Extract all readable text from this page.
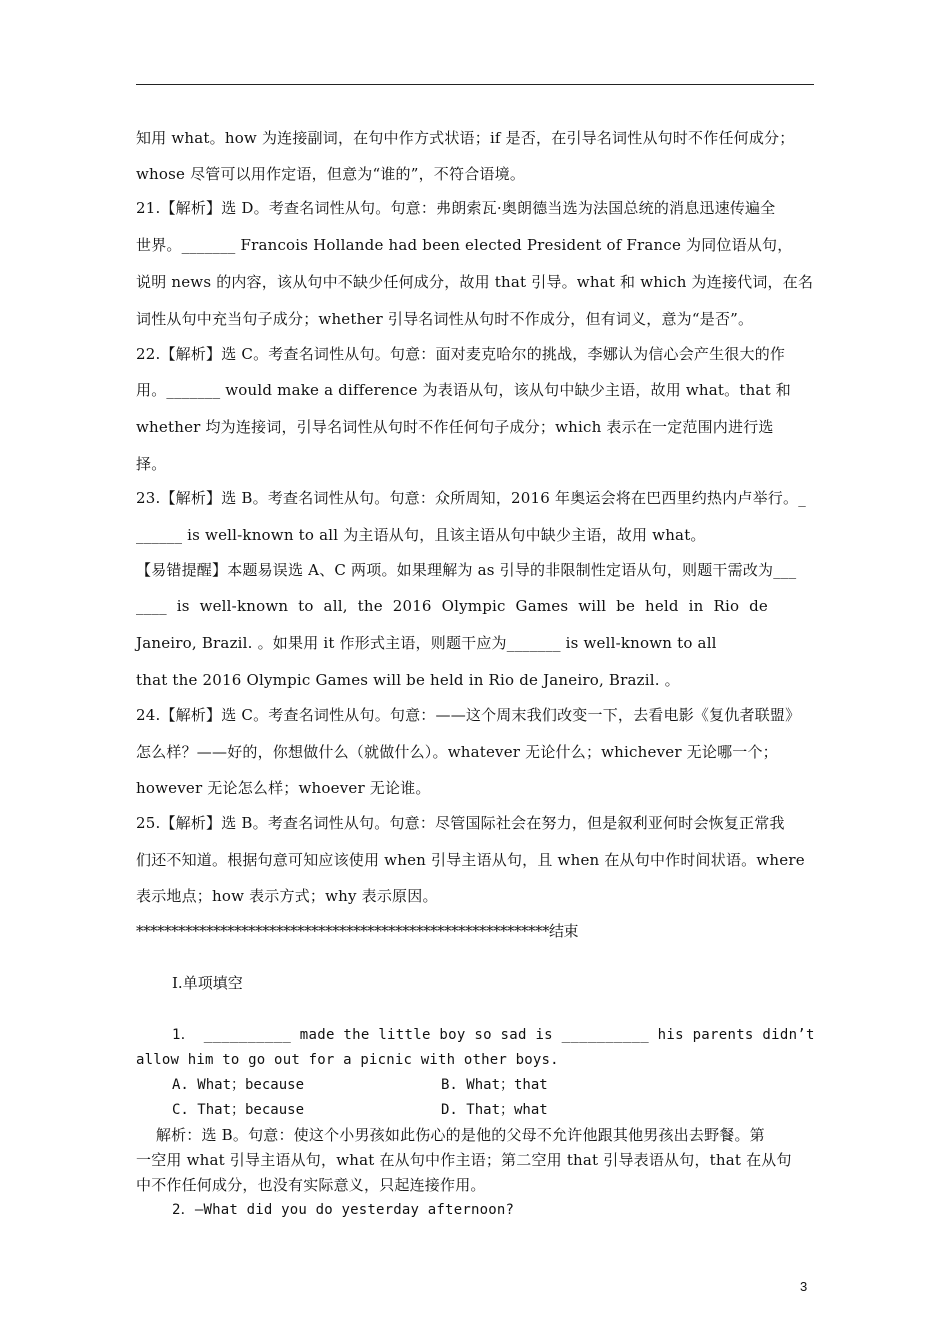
知用 what。how 为连接副词，在句中作方式状语；if 是否，在引导名词性从句时不作任何成分；
whose 尽管可以用作定语，但意为“谁的”，不符合语境。
21.【解析】选 D。考查名词性从句。句意：弗朗索瓦·奥朗德当选为法国总统的消息迅速传遍全
世界。_______ Francois Hollande had been elected President of France 为同位语从句，
说明 news 的内容，该从句中不缺少任何成分，故用 that 引导。what 和 which 为连接代词，在名
词性从句中充当句子成分；whether 引导名词性从句时不作成分，但有词义，意为“是否”。
22.【解析】选 C。考查名词性从句。句意：面对麦克哈尔的挑战，李娜认为信心会产生很大的作
用。_______ would make a difference 为表语从句，该从句中缺少主语，故用 what。that 和
whether 均为连接词，引导名词性从句时不作任何句子成分；which 表示在一定范围内进行选
择。
23.【解析】选 B。考查名词性从句。句意：众所周知，2016 年奥运会将在巴西里约热内卢举行。_
______ is well-known to all 为主语从句，且该主语从句中缺少主语，故用 what。
【易错提醒】本题易误选 A、C 两项。如果理解为 as 引导的非限制性定语从句，则题干需改为___
____  is  well-known  to  all,  the  2016  Olympic  Games  will  be  held  in  Rio  de
Janeiro, Brazil. 。如果用 it 作形式主语，则题干应为_______ is well-known to all
that the 2016 Olympic Games will be held in Rio de Janeiro, Brazil. 。
24.【解析】选 C。考查名词性从句。句意：——这个周末我们改变一下，去看电影《复仇者联盟》
怎么样？——好的，你想做什么（就做什么）。whatever 无论什么；whichever 无论哪一个；
however 无论怎么样；whoever 无论谁。
25.【解析】选 B。考查名词性从句。句意：尽管国际社会在努力，但是叙利亚何时会恢复正常我
们还不知道。根据句意可知应该使用 when 引导主语从句，且 when 在从句中作时间状语。where
表示地点；how 表示方式；why 表示原因。
***********************************************************结束
Ⅰ.单项填空
1． __________ made the little boy so sad is __________ his parents didn’t
allow him to go out for a picnic with other boys.
A. What；because	B. What；that
C. That；because	D. That；what
解析：选 B。句意：使这个小男孩如此伤心的是他的父母不允许他跟其他男孩出去野餐。第
一空用 what 引导主语从句，what 在从句中作主语；第二空用 that 引导表语从句，that 在从句
中不作任何成分，也没有实际意义，只起连接作用。
2．—What did you do yesterday afternoon?
3
